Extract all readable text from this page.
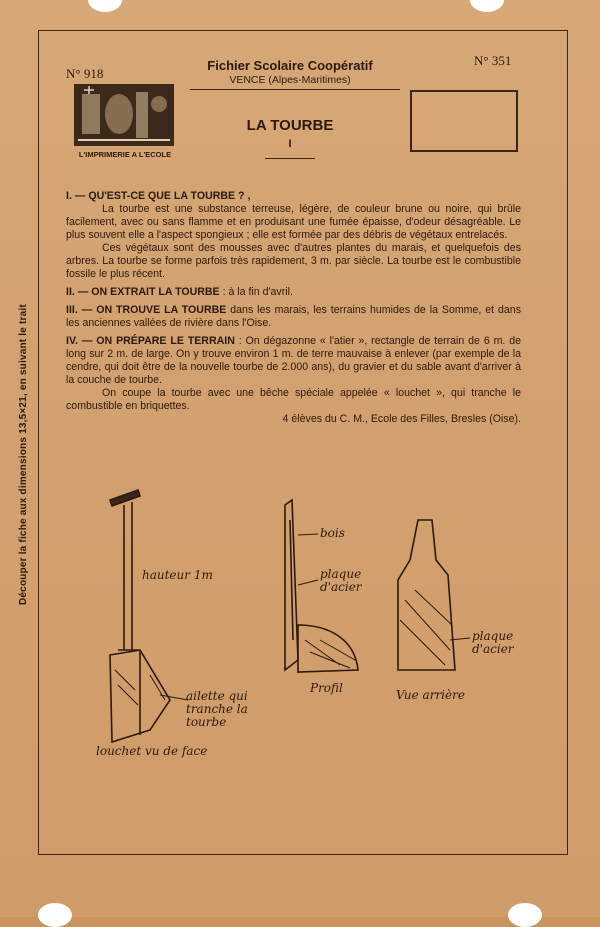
Découper la fiche aux dimensions 13,5×21, en suivant le trait
N° 918
N° 351
Fichier Scolaire Coopératif
VENCE (Alpes-Maritimes)
L'IMPRIMERIE A L'ECOLE
LA TOURBE
I

I. — QU'EST-CE QUE LA TOURBE ? ,

La tourbe est une substance terreuse, légère, de couleur brune ou noire, qui brûle facilement, avec ou sans flamme et en produisant une fumée épaisse, d'odeur désagréable. Le plus souvent elle a l'aspect spongieux ; elle est formée par des débris de végétaux entrelacés.

Ces végétaux sont des mousses avec d'autres plantes du marais, et quelquefois des arbres. La tourbe se forme parfois très rapidement, 3 m. par siècle. La tourbe est le combustible fossile le plus récent.

II. — ON EXTRAIT LA TOURBE : à la fin d'avril.

III. — ON TROUVE LA TOURBE dans les marais, les terrains humides de la Somme, et dans les anciennes vallées de rivière dans l'Oise.

IV. — ON PRÉPARE LE TERRAIN : On dégazonne « l'atier », rectangle de terrain de 6 m. de long sur 2 m. de large. On y trouve environ 1 m. de terre mauvaise à enlever (par exemple de la cendre, qui doit être de la nouvelle tourbe de 2.000 ans), du gravier et du sable avant d'arriver à la couche de tourbe.

On coupe la tourbe avec une bêche spéciale appelée « louchet », qui tranche le combustible en briquettes.

4 élèves du C. M., Ecole des Filles, Bresles (Oise).

hauteur 1m
ailette qui tranche la tourbe
louchet vu de face
bois
plaque d'acier
Profil
plaque d'acier
Vue arrière
